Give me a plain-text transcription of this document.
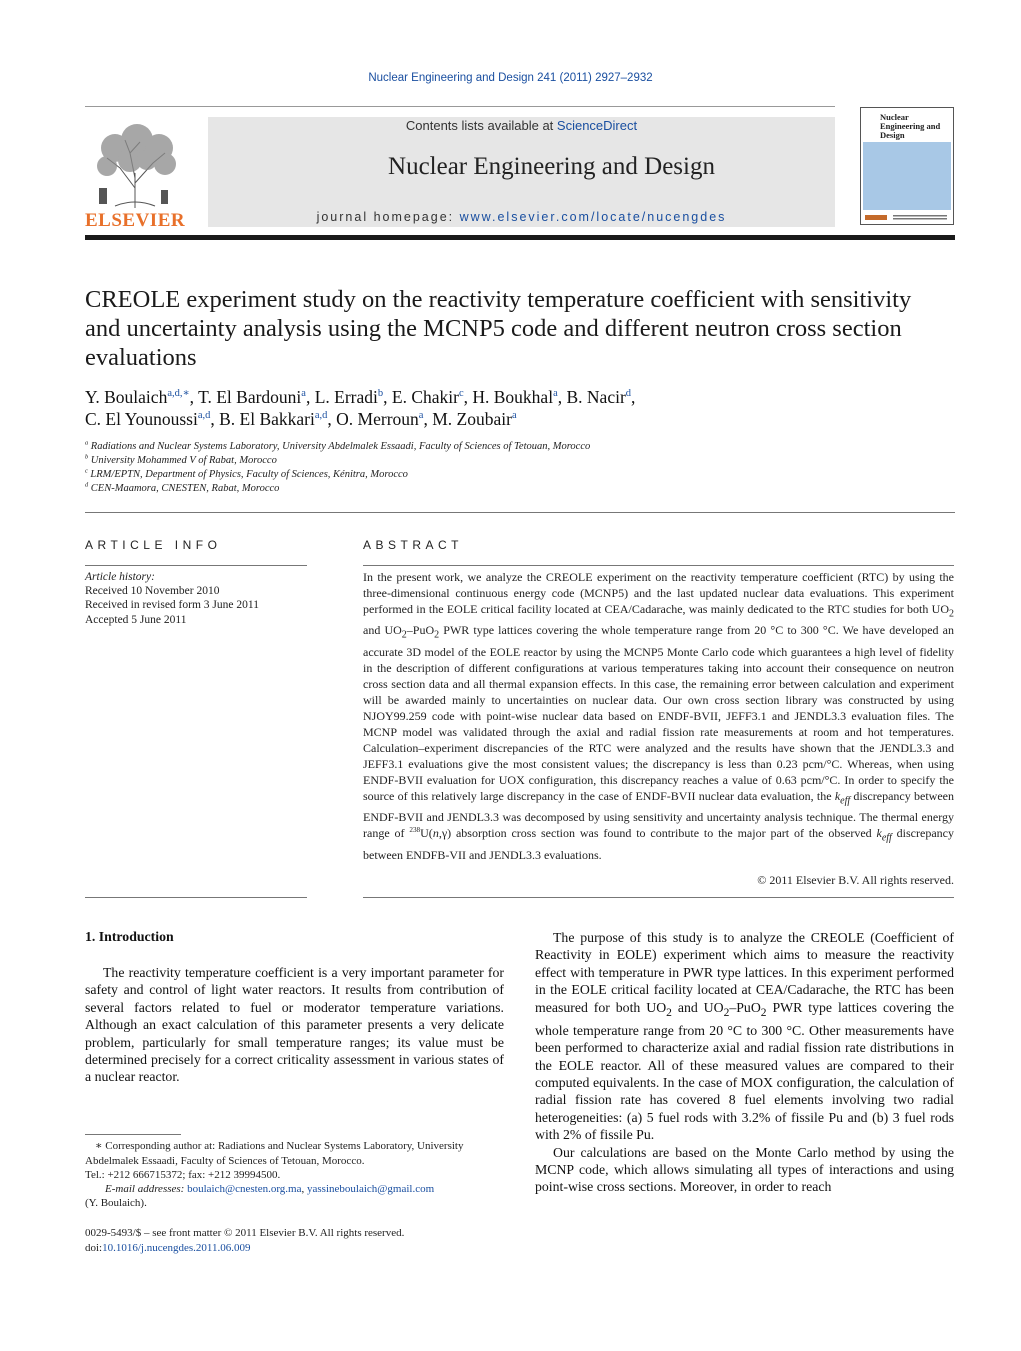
Nuclear Engineering and Design 241 (2011) 2927–2932
ELSEVIER
Contents lists available at ScienceDirect
Nuclear Engineering and Design
journal homepage: www.elsevier.com/locate/nucengdes
Nuclear Engineering and Design
CREOLE experiment study on the reactivity temperature coefficient with sensitivity and uncertainty analysis using the MCNP5 code and different neutron cross section evaluations
Y. Boulaich$^{a,d,∗}$, T. El Bardouni$^a$, L. Erradi$^b$, E. Chakir$^c$, H. Boukhal$^a$, B. Nacir$^d$,
C. El Younoussi$^{a,d}$, B. El Bakkari$^{a,d}$, O. Merroun$^a$, M. Zoubair$^a$
$^a$ Radiations and Nuclear Systems Laboratory, University Abdelmalek Essaadi, Faculty of Sciences of Tetouan, Morocco
$^b$ University Mohammed V of Rabat, Morocco
$^c$ LRM/EPTN, Department of Physics, Faculty of Sciences, Kénitra, Morocco
$^d$ CEN-Maamora, CNESTEN, Rabat, Morocco
ARTICLE INFO
Article history:
Received 10 November 2010
Received in revised form 3 June 2011
Accepted 5 June 2011
ABSTRACT
In the present work, we analyze the CREOLE experiment on the reactivity temperature coefficient (RTC) by using the three-dimensional continuous energy code (MCNP5) and the last updated nuclear data evaluations. This experiment performed in the EOLE critical facility located at CEA/Cadarache, was mainly dedicated to the RTC studies for both $UO_2$ and $UO_2-PuO_2$ PWR type lattices covering the whole temperature range from 20 °C to 300 °C. We have developed an accurate 3D model of the EOLE reactor by using the MCNP5 Monte Carlo code which guarantees a high level of fidelity in the description of different configurations at various temperatures taking into account their consequence on neutron cross section data and all thermal expansion effects. In this case, the remaining error between calculation and experiment will be awarded mainly to uncertainties on nuclear data. Our own cross section library was constructed by using NJOY99.259 code with point-wise nuclear data based on ENDF-BVII, JEFF3.1 and JENDL3.3 evaluation files. The MCNP model was validated through the axial and radial fission rate measurements at room and hot temperatures. Calculation–experiment discrepancies of the RTC were analyzed and the results have shown that the JENDL3.3 and JEFF3.1 evaluations give the most consistent values; the discrepancy is less than 0.23 pcm/°C. Whereas, when using ENDF-BVII evaluation for UOX configuration, this discrepancy reaches a value of 0.63 pcm/°C. In order to specify the source of this relatively large discrepancy in the case of ENDF-BVII nuclear data evaluation, the $k_{eff}$ discrepancy between ENDF-BVII and JENDL3.3 was decomposed by using sensitivity and uncertainty analysis technique. The thermal energy range of $^{238}$U(n,γ) absorption cross section was found to contribute to the major part of the observed $k_{eff}$ discrepancy between ENDFB-VII and JENDL3.3 evaluations.
© 2011 Elsevier B.V. All rights reserved.
1. Introduction

The reactivity temperature coefficient is a very important parameter for safety and control of light water reactors. It results from contribution of several factors related to fuel or moderator temperature variations. Although an exact calculation of this parameter presents a very delicate problem, particularly for small temperature ranges; its value must be determined precisely for a correct criticality assessment in various states of a nuclear reactor.

The purpose of this study is to analyze the CREOLE (Coefficient of Reactivity in EOLE) experiment which aims to measure the reactivity effect with temperature in PWR type lattices. In this experiment performed in the EOLE critical facility located at CEA/Cadarache, the RTC has been measured for both $UO_2$ and $UO_2-PuO_2$ PWR type lattices covering the whole temperature range from 20 °C to 300 °C. Other measurements have been performed to characterize axial and radial fission rate distributions in the EOLE reactor. All of these measured values are compared to their computed equivalents. In the case of MOX configuration, the calculation of radial fission rate has covered 8 fuel elements involving two radial heterogeneities: (a) 5 fuel rods with 3.2% of fissile Pu and (b) 3 fuel rods with 2% of fissile Pu.

Our calculations are based on the Monte Carlo method by using the MCNP code, which allows simulating all types of interactions and using point-wise cross sections. Moreover, in order to reach

∗ Corresponding author at: Radiations and Nuclear Systems Laboratory, University Abdelmalek Essaadi, Faculty of Sciences of Tetouan, Morocco.
Tel.: +212 666715372; fax: +212 39994500.
E-mail addresses: boulaich@cnesten.org.ma, yassineboulaich@gmail.com
(Y. Boulaich).
0029-5493/$ – see front matter © 2011 Elsevier B.V. All rights reserved.
doi:10.1016/j.nucengdes.2011.06.009
